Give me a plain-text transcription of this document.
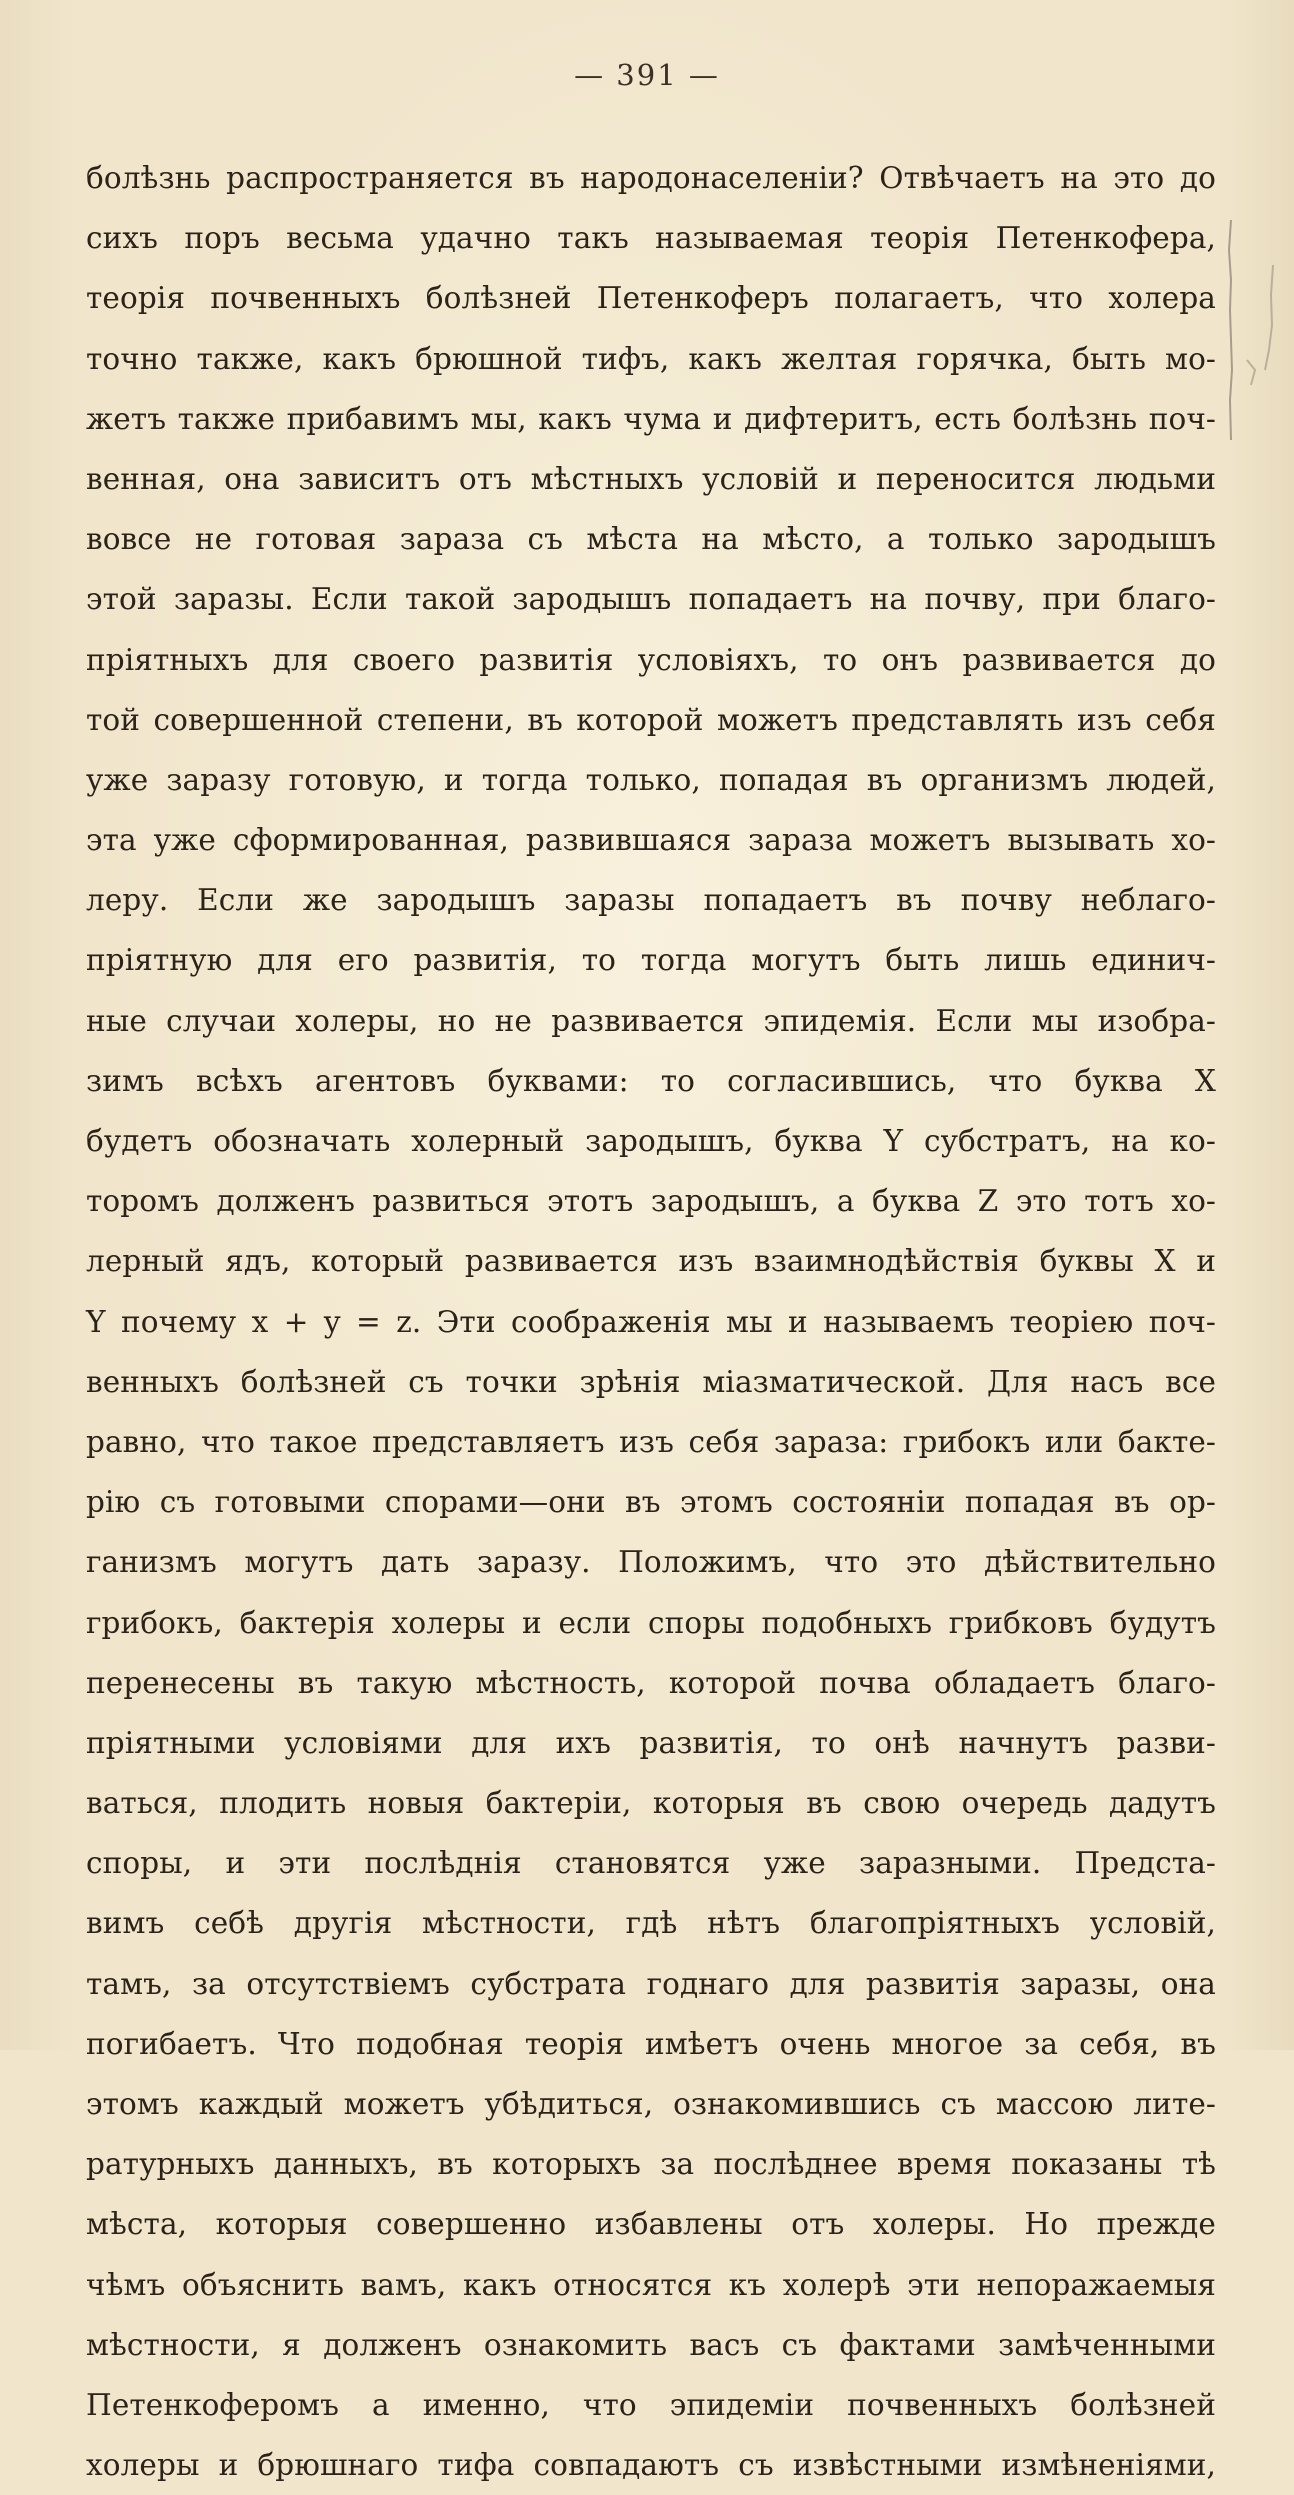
— 391 —
болѣзнь распространяется въ народонаселенiи? Отвѣчаетъ на это до
сихъ поръ весьма удачно такъ называемая теорiя Петенкофера,
теорiя почвенныхъ болѣзней Петенкоферъ полагаетъ, что холера
точно также, какъ брюшной тифъ, какъ желтая горячка, быть мо-
жетъ также прибавимъ мы, какъ чума и дифтеритъ, есть болѣзнь поч-
венная, она зависитъ отъ мѣстныхъ условiй и переносится людьми
вовсе не готовая зараза съ мѣста на мѣсто, а только зародышъ
этой заразы. Если такой зародышъ попадаетъ на почву, при благо-
прiятныхъ для своего развитiя условiяхъ, то онъ развивается до
той совершенной степени, въ которой можетъ представлять изъ себя
уже заразу готовую, и тогда только, попадая въ организмъ людей,
эта уже сформированная, развившаяся зараза можетъ вызывать хо-
леру. Если же зародышъ заразы попадаетъ въ почву неблаго-
прiятную для его развитiя, то тогда могутъ быть лишь единич-
ные случаи холеры, но не развивается эпидемiя. Если мы изобра-
зимъ всѣхъ агентовъ буквами: то согласившись, что буква X
будетъ обозначать холерный зародышъ, буква Y субстратъ, на ко-
торомъ долженъ развиться этотъ зародышъ, а буква Z это тотъ хо-
лерный ядъ, который развивается изъ взаимнодѣйствiя буквы X и
Y почему x + y = z. Эти соображенiя мы и называемъ теорiею поч-
венныхъ болѣзней съ точки зрѣнiя мiазматической. Для насъ все
равно, что такое представляетъ изъ себя зараза: грибокъ или бакте-
рiю съ готовыми спорами—они въ этомъ состоянiи попадая въ ор-
ганизмъ могутъ дать заразу. Положимъ, что это дѣйствительно
грибокъ, бактерiя холеры и если споры подобныхъ грибковъ будутъ
перенесены въ такую мѣстность, которой почва обладаетъ благо-
прiятными условiями для ихъ развитiя, то онѣ начнутъ разви-
ваться, плодить новыя бактерiи, которыя въ свою очередь дадутъ
споры, и эти послѣднiя становятся уже заразными. Предста-
вимъ себѣ другiя мѣстности, гдѣ нѣтъ благопрiятныхъ условiй,
тамъ, за отсутствiемъ субстрата годнаго для развитiя заразы, она
погибаетъ. Что подобная теорiя имѣетъ очень многое за себя, въ
этомъ каждый можетъ убѣдиться, ознакомившись съ массою лите-
ратурныхъ данныхъ, въ которыхъ за послѣднее время показаны тѣ
мѣста, которыя совершенно избавлены отъ холеры. Но прежде
чѣмъ объяснить вамъ, какъ относятся къ холерѣ эти непоражаемыя
мѣстности, я долженъ ознакомить васъ съ фактами замѣченными
Петенкоферомъ а именно, что эпидемiи почвенныхъ болѣзней
холеры и брюшнаго тифа совпадаютъ съ извѣстными измѣненiями,
